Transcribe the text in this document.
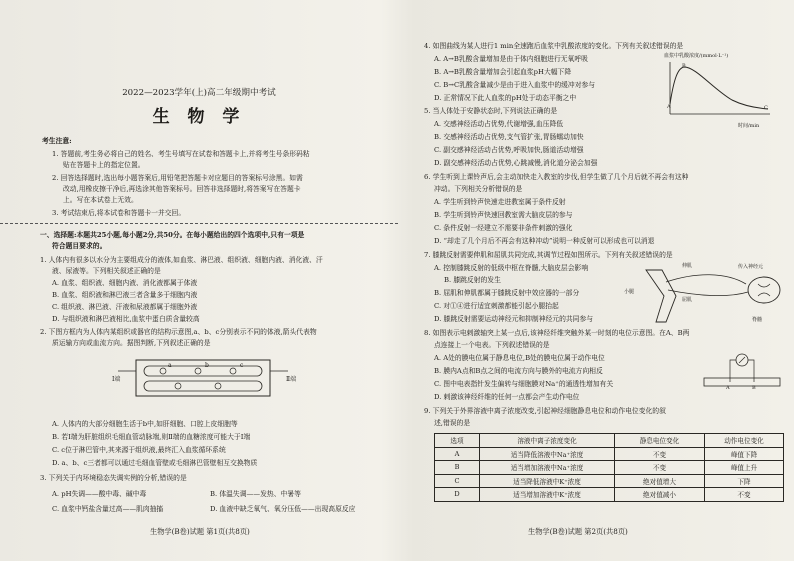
2022—2023学年(上)高二年级期中考试
生 物 学
考生注意:
1. 答题前,考生务必将自己的姓名、考生号填写在试卷和答题卡上,并将考生号条形码粘
贴在答题卡上的指定位置。
2. 回答选择题时,选出每小题答案后,用铅笔把答题卡对应题目的答案标号涂黑。如需
改动,用橡皮擦干净后,再选涂其他答案标号。回答非选择题时,将答案写在答题卡
上。写在本试卷上无效。
3. 考试结束后,将本试卷和答题卡一并交回。
一、选择题:本题共25小题,每小题2分,共50分。在每小题给出的四个选项中,只有一项是
符合题目要求的。
1. 人体内有很多以水分为主要组成分的液体,如血浆、淋巴液、组织液、细胞内液、消化液、汗
液、尿液等。下列相关叙述正确的是
A. 血浆、组织液、细胞内液、消化液都属于体液
B. 血浆、组织液和淋巴液三者含量多于细胞内液
C. 组织液、淋巴液、汗液和尿液都属于细胞外液
D. 与组织液和淋巴液相比,血浆中蛋白质含量较高
2. 下图方框内为人体内某组织或器官的结构示意图,a、b、c分别表示不同的体液,箭头代表物
质运输方向或血流方向。据图判断,下列叙述正确的是
Ⅰ端	Ⅱ端
a	b	c
A. 人体内的大部分细胞生活于b中,如肝细胞、口腔上皮细胞等
B. 若Ⅰ端为肝脏组织毛细血管动脉端,则Ⅱ端的血糖浓度可能大于Ⅰ端
C. c位于淋巴管中,其来源于组织液,最终汇入血浆循环系统
D. a、b、c三者都可以通过毛细血管壁或毛细淋巴管壁相互交换物质
3. 下列关于内环境稳态失调实例的分析,错误的是
A. pH失调——酸中毒、碱中毒	B. 体温失调——发热、中暑等
C. 血浆中钙盐含量过高——肌肉抽搐	D. 血液中缺乏氧气、氧分压低——出现高原反应
生物学(B卷)试题 第1页(共8页)
4. 如图曲线为某人进行1 min全速跑后血浆中乳酸浓度的变化。下列有关叙述错误的是
A. A→B乳酸含量增加是由于体内细胞进行无氧呼吸
B. A→B乳酸含量增加会引起血浆pH大幅下降
C. B→C乳酸含量减少是由于进入血浆中的缓冲对参与
D. 正常情况下此人血浆的pH处于动态平衡之中
血浆中乳酸浓度/(mmol·L⁻¹)
时间/min
A
B
C
5. 当人体处于安静状态时,下列说法正确的是
A. 交感神经活动占优势,代谢增强,血压降低
B. 交感神经活动占优势,支气管扩张,胃肠蠕动加快
C. 副交感神经活动占优势,呼吸加快,肠道活动增强
D. 副交感神经活动占优势,心跳减慢,消化道分泌会加强
6. 学生听到上课铃声后,会主动加快走入教室的步伐,但学生做了几个月后就不再会有这种
冲动。下列相关分析错误的是
A. 学生听到铃声快速走进教室属于条件反射
B. 学生听到铃声快速回教室需大脑皮层的参与
C. 条件反射一经建立不需要非条件刺激的强化
D. “却走了几个月后不再会有这种冲动”说明一种反射可以形成也可以消退
7. 膝跳反射需要伸肌和屈肌共同完成,其调节过程如图所示。下列有关叙述错误的是
A. 控制膝跳反射的低级中枢在脊髓,大脑皮层会影响
B. 膝跳反射的发生
B. 屈肌和伸肌都属于膝跳反射中效应器的一部分
C. 对①④进行适宜刺激都能引起小腿抬起
D. 膝跳反射需要运动神经元和抑制神经元的共同参与
伸肌
屈肌
小腿
传入神经元
脊髓
8. 如图表示电刺激轴突上某一点后,该神经纤维突触外某一时刻的电位示意图。在A、B两
点连接上一个电表。下列叙述错误的是
A. A处的膜电位属于静息电位,B处的膜电位属于动作电位
B. 膜内A点和B点之间的电流方向与膜外的电流方向相反
C. 图中电表指针发生偏转与细胞膜对Na⁺的通透性增加有关
D. 刺激该神经纤维的任何一点都会产生动作电位
A	B
9. 下列关于外界溶液中离子浓度改变,引起神经细胞静息电位和动作电位变化的叙
述,错误的是
选项	溶液中离子浓度变化	静息电位变化	动作电位变化
A	适当降低溶液中Na⁺浓度	不变	峰值下降
B	适当增加溶液中Na⁺浓度	不变	峰值上升
C	适当降低溶液中K⁺浓度	绝对值增大	下降
D	适当增加溶液中K⁺浓度	绝对值减小	不变
生物学(B卷)试题 第2页(共8页)
